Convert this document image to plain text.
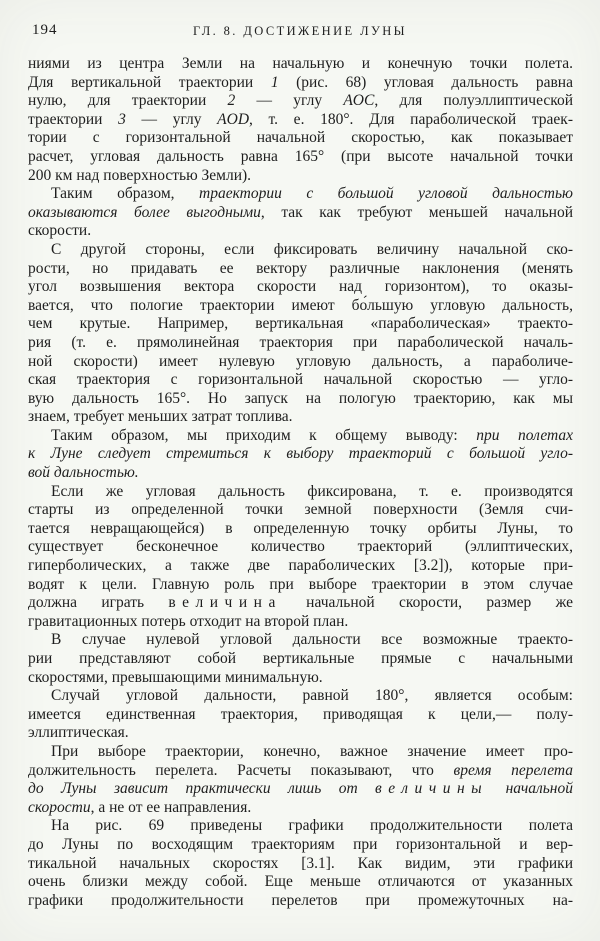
194	ГЛ. 8. ДОСТИЖЕНИЕ ЛУНЫ
ниями из центра Земли на начальную и конечную точки полета.
Для вертикальной траектории 1 (рис. 68) угловая дальность равна
нулю, для траектории 2 — углу AOC, для полуэллиптической
траектории 3 — углу AOD, т. е. 180°. Для параболической траек-
тории с горизонтальной начальной скоростью, как показывает
расчет, угловая дальность равна 165° (при высоте начальной точки
200 км над поверхностью Земли).
Таким образом, траектории с большой угловой дальностью
оказываются более выгодными, так как требуют меньшей начальной
скорости.
С другой стороны, если фиксировать величину начальной ско-
рости, но придавать ее вектору различные наклонения (менять
угол возвышения вектора скорости над горизонтом), то оказы-
вается, что пологие траектории имеют бо́льшую угловую дальность,
чем крутые. Например, вертикальная «параболическая» траекто-
рия (т. е. прямолинейная траектория при параболической началь-
ной скорости) имеет нулевую угловую дальность, а параболиче-
ская траектория с горизонтальной начальной скоростью — угло-
вую дальность 165°. Но запуск на пологую траекторию, как мы
знаем, требует меньших затрат топлива.
Таким образом, мы приходим к общему выводу: при полетах
к Луне следует стремиться к выбору траекторий с большой угло-
вой дальностью.
Если же угловая дальность фиксирована, т. е. производятся
старты из определенной точки земной поверхности (Земля счи-
тается невращающейся) в определенную точку орбиты Луны, то
существует бесконечное количество траекторий (эллиптических,
гиперболических, а также две параболических [3.2]), которые при-
водят к цели. Главную роль при выборе траектории в этом случае
должна играть величина начальной скорости, размер же
гравитационных потерь отходит на второй план.
В случае нулевой угловой дальности все возможные траекто-
рии представляют собой вертикальные прямые с начальными
скоростями, превышающими минимальную.
Случай угловой дальности, равной 180°, является особым:
имеется единственная траектория, приводящая к цели,— полу-
эллиптическая.
При выборе траектории, конечно, важное значение имеет про-
должительность перелета. Расчеты показывают, что время перелета
до Луны зависит практически лишь от величины начальной
скорости, а не от ее направления.
На рис. 69 приведены графики продолжительности полета
до Луны по восходящим траекториям при горизонтальной и вер-
тикальной начальных скоростях [3.1]. Как видим, эти графики
очень близки между собой. Еще меньше отличаются от указанных
графики продолжительности перелетов при промежуточных на-
